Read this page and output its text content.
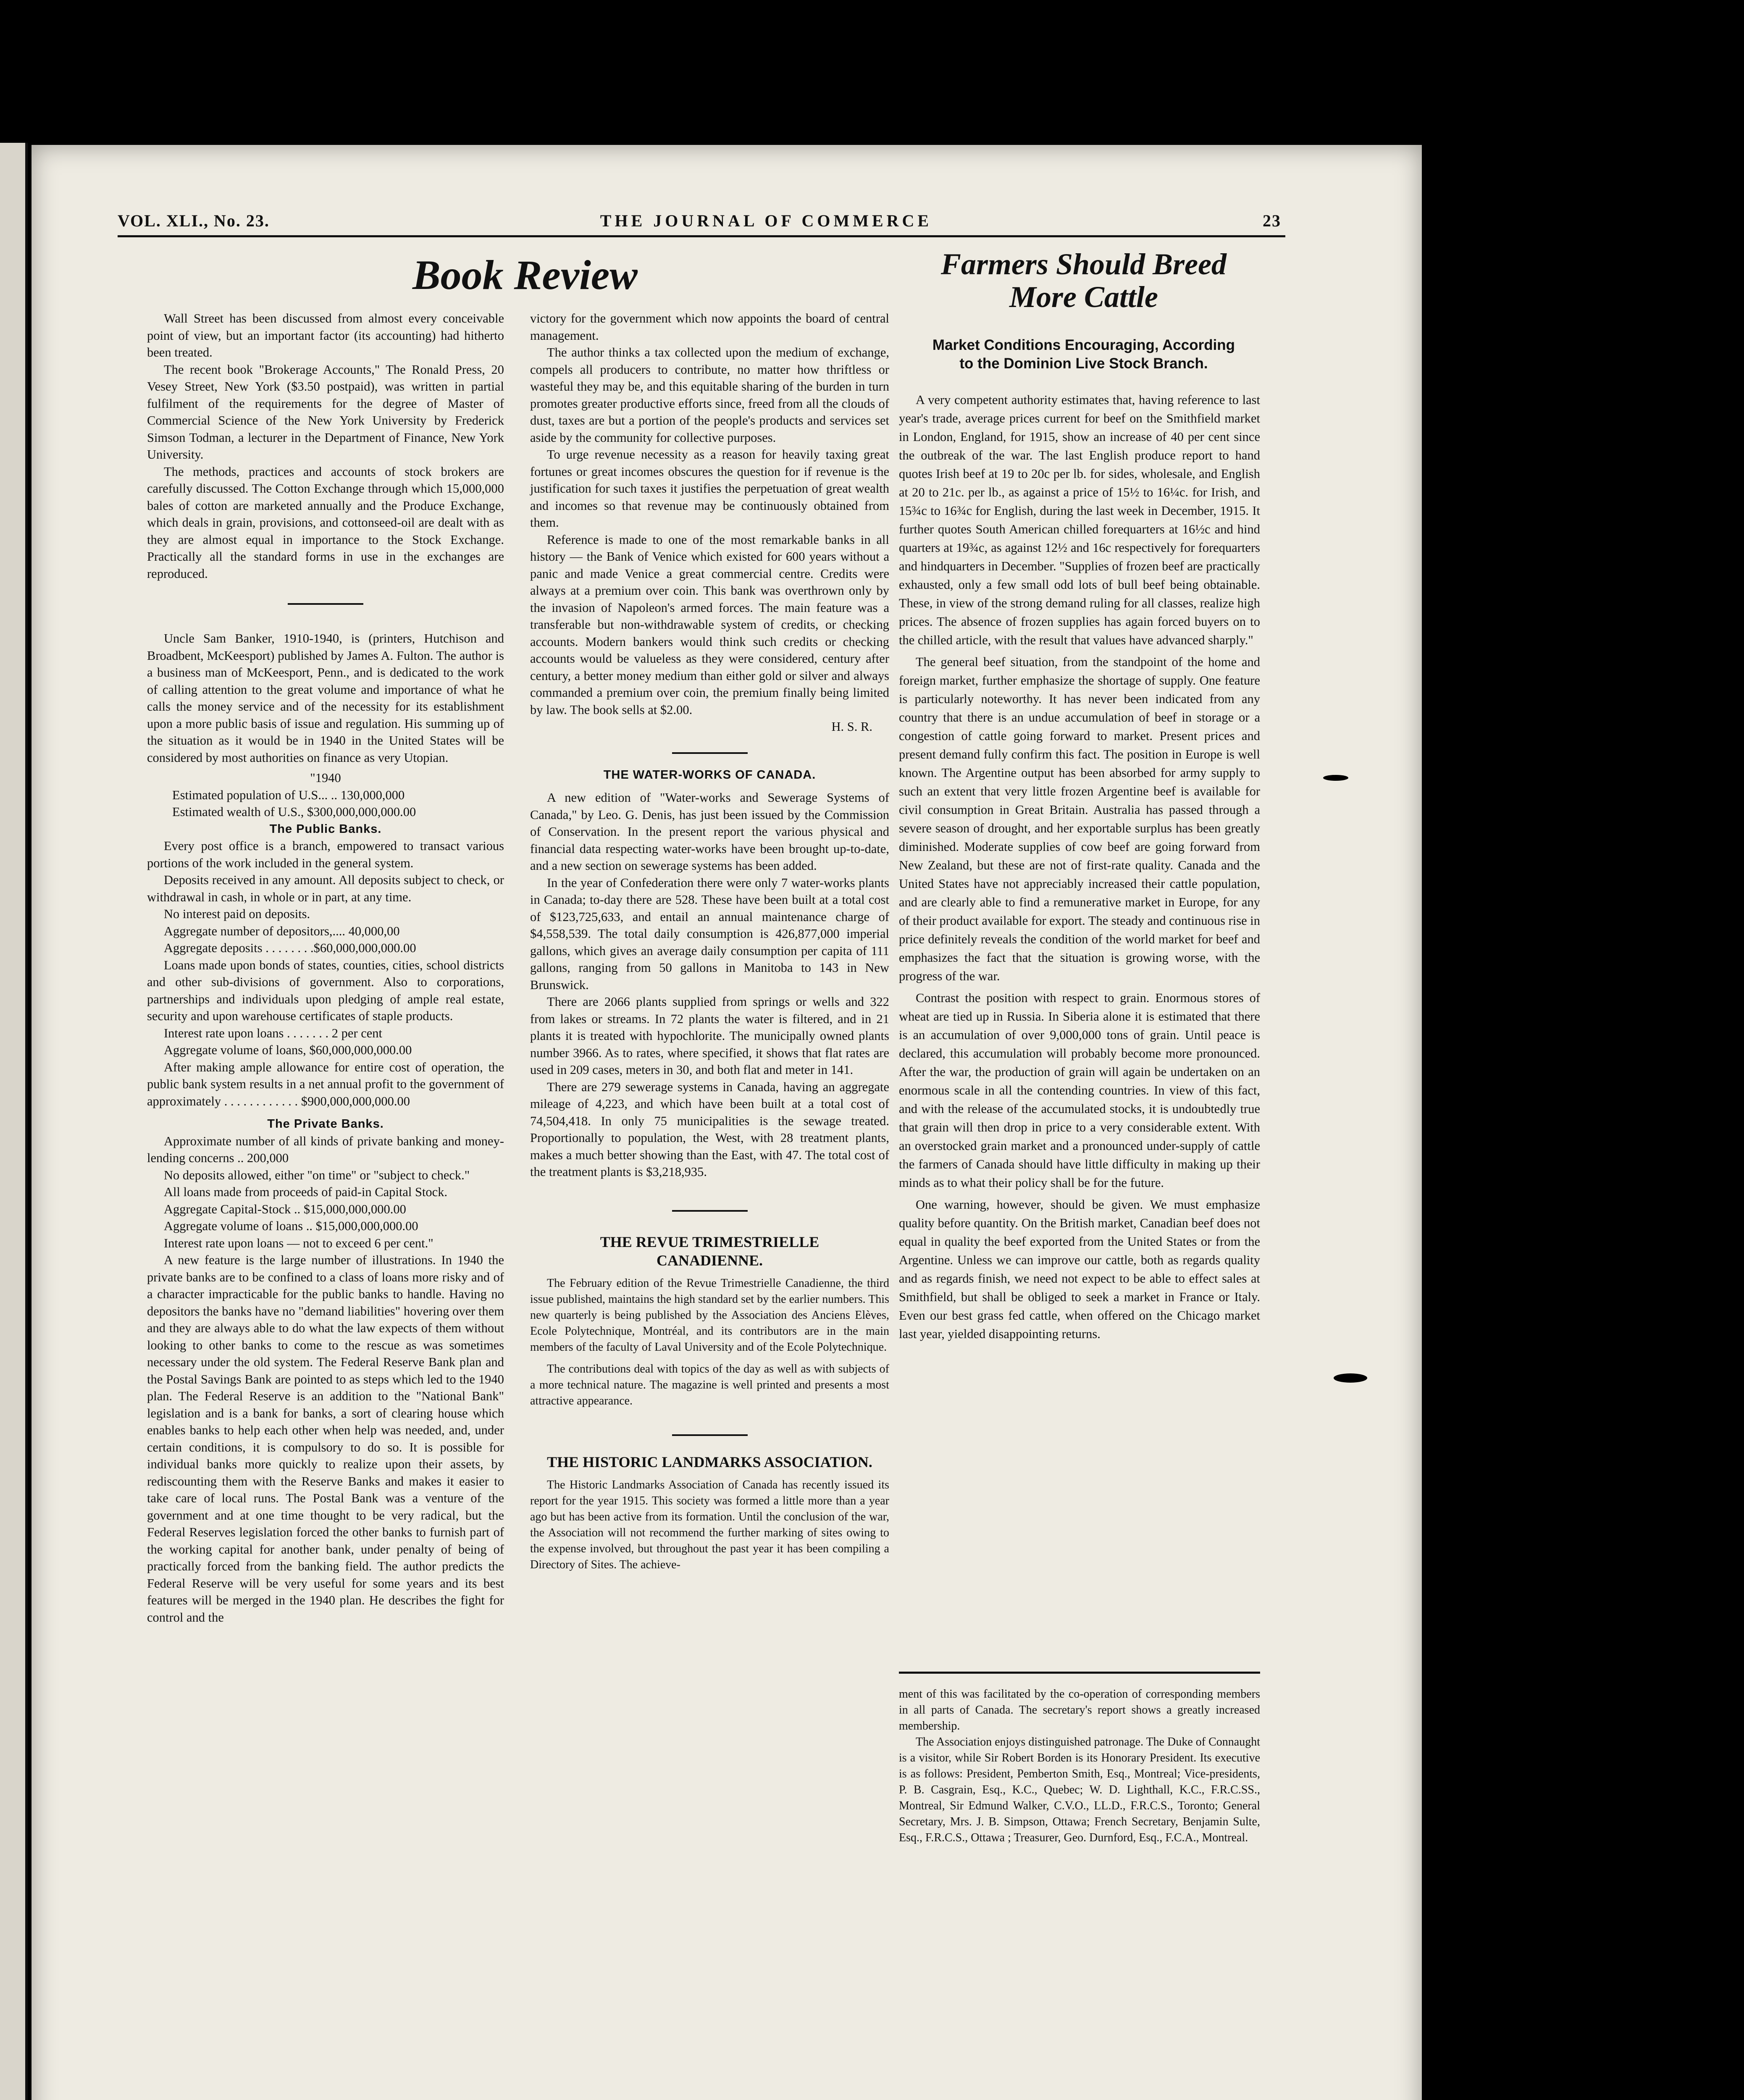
VOL. XLI., No. 23.	THE JOURNAL OF COMMERCE	23
Book Review

Wall Street has been discussed from almost every conceivable point of view, but an important factor (its accounting) had hitherto been treated.

The recent book "Brokerage Accounts," The Ronald Press, 20 Vesey Street, New York ($3.50 postpaid), was written in partial fulfilment of the requirements for the degree of Master of Commercial Science of the New York University by Frederick Simson Todman, a lecturer in the Department of Finance, New York University.

The methods, practices and accounts of stock brokers are carefully discussed. The Cotton Exchange through which 15,000,000 bales of cotton are marketed annually and the Produce Exchange, which deals in grain, provisions, and cottonseed-oil are dealt with as they are almost equal in importance to the Stock Exchange. Practically all the standard forms in use in the exchanges are reproduced.

Uncle Sam Banker, 1910-1940, is (printers, Hutchison and Broadbent, McKeesport) published by James A. Fulton. The author is a business man of McKeesport, Penn., and is dedicated to the work of calling attention to the great volume and importance of what he calls the money service and of the necessity for its establishment upon a more public basis of issue and regulation. His summing up of the situation as it would be in 1940 in the United States will be considered by most authorities on finance as very Utopian.

"1940

Estimated population of U.S... .. 130,000,000

Estimated wealth of U.S., $300,000,000,000.00

The Public Banks.

Every post office is a branch, empowered to transact various portions of the work included in the general system.

Deposits received in any amount. All deposits subject to check, or withdrawal in cash, in whole or in part, at any time.

No interest paid on deposits.

Aggregate number of depositors,.... 40,000,00

Aggregate deposits . . . . . . . .$60,000,000,000.00

Loans made upon bonds of states, counties, cities, school districts and other sub-divisions of government. Also to corporations, partnerships and individuals upon pledging of ample real estate, security and upon warehouse certificates of staple products.

Interest rate upon loans . . . . . . . 2 per cent

Aggregate volume of loans, $60,000,000,000.00

After making ample allowance for entire cost of operation, the public bank system results in a net annual profit to the government of approximately . . . . . . . . . . . . $900,000,000,000.00

The Private Banks.

Approximate number of all kinds of private banking and money-lending concerns .. 200,000

No deposits allowed, either "on time" or "subject to check."

All loans made from proceeds of paid-in Capital Stock.

Aggregate Capital-Stock .. $15,000,000,000.00

Aggregate volume of loans .. $15,000,000,000.00

Interest rate upon loans — not to exceed 6 per cent."

A new feature is the large number of illustrations. In 1940 the private banks are to be confined to a class of loans more risky and of a character impracticable for the public banks to handle. Having no depositors the banks have no "demand liabilities" hovering over them and they are always able to do what the law expects of them without looking to other banks to come to the rescue as was sometimes necessary under the old system. The Federal Reserve Bank plan and the Postal Savings Bank are pointed to as steps which led to the 1940 plan. The Federal Reserve is an addition to the "National Bank" legislation and is a bank for banks, a sort of clearing house which enables banks to help each other when help was needed, and, under certain conditions, it is compulsory to do so. It is possible for individual banks more quickly to realize upon their assets, by rediscounting them with the Reserve Banks and makes it easier to take care of local runs. The Postal Bank was a venture of the government and at one time thought to be very radical, but the Federal Reserves legislation forced the other banks to furnish part of the working capital for another bank, under penalty of being of practically forced from the banking field. The author predicts the Federal Reserve will be very useful for some years and its best features will be merged in the 1940 plan. He describes the fight for control and the

victory for the government which now appoints the board of central management.

The author thinks a tax collected upon the medium of exchange, compels all producers to contribute, no matter how thriftless or wasteful they may be, and this equitable sharing of the burden in turn promotes greater productive efforts since, freed from all the clouds of dust, taxes are but a portion of the people's products and services set aside by the community for collective purposes.

To urge revenue necessity as a reason for heavily taxing great fortunes or great incomes obscures the question for if revenue is the justification for such taxes it justifies the perpetuation of great wealth and incomes so that revenue may be continuously obtained from them.

Reference is made to one of the most remarkable banks in all history — the Bank of Venice which existed for 600 years without a panic and made Venice a great commercial centre. Credits were always at a premium over coin. This bank was overthrown only by the invasion of Napoleon's armed forces. The main feature was a transferable but non-withdrawable system of credits, or checking accounts. Modern bankers would think such credits or checking accounts would be valueless as they were considered, century after century, a better money medium than either gold or silver and always commanded a premium over coin, the premium finally being limited by law. The book sells at $2.00.

H. S. R.

THE WATER-WORKS OF CANADA.

A new edition of "Water-works and Sewerage Systems of Canada," by Leo. G. Denis, has just been issued by the Commission of Conservation. In the present report the various physical and financial data respecting water-works have been brought up-to-date, and a new section on sewerage systems has been added.

In the year of Confederation there were only 7 water-works plants in Canada; to-day there are 528. These have been built at a total cost of $123,725,633, and entail an annual maintenance charge of $4,558,539. The total daily consumption is 426,877,000 imperial gallons, which gives an average daily consumption per capita of 111 gallons, ranging from 50 gallons in Manitoba to 143 in New Brunswick.

There are 2066 plants supplied from springs or wells and 322 from lakes or streams. In 72 plants the water is filtered, and in 21 plants it is treated with hypochlorite. The municipally owned plants number 3966. As to rates, where specified, it shows that flat rates are used in 209 cases, meters in 30, and both flat and meter in 141.

There are 279 sewerage systems in Canada, having an aggregate mileage of 4,223, and which have been built at a total cost of 74,504,418. In only 75 municipalities is the sewage treated. Proportionally to population, the West, with 28 treatment plants, makes a much better showing than the East, with 47. The total cost of the treatment plants is $3,218,935.

THE REVUE TRIMESTRIELLE CANADIENNE.

The February edition of the Revue Trimestrielle Canadienne, the third issue published, maintains the high standard set by the earlier numbers. This new quarterly is being published by the Association des Anciens Elèves, Ecole Polytechnique, Montréal, and its contributors are in the main members of the faculty of Laval University and of the Ecole Polytechnique.

The contributions deal with topics of the day as well as with subjects of a more technical nature. The magazine is well printed and presents a most attractive appearance.

THE HISTORIC LANDMARKS ASSOCIATION.

The Historic Landmarks Association of Canada has recently issued its report for the year 1915. This society was formed a little more than a year ago but has been active from its formation. Until the conclusion of the war, the Association will not recommend the further marking of sites owing to the expense involved, but throughout the past year it has been compiling a Directory of Sites. The achieve-

Farmers Should Breed
More Cattle
Market Conditions Encouraging, According
to the Dominion Live Stock Branch.

A very competent authority estimates that, having reference to last year's trade, average prices current for beef on the Smithfield market in London, England, for 1915, show an increase of 40 per cent since the outbreak of the war. The last English produce report to hand quotes Irish beef at 19 to 20c per lb. for sides, wholesale, and English at 20 to 21c. per lb., as against a price of 15½ to 16¼c. for Irish, and 15¾c to 16¾c for English, during the last week in December, 1915. It further quotes South American chilled forequarters at 16½c and hind quarters at 19¾c, as against 12½ and 16c respectively for forequarters and hindquarters in December. "Supplies of frozen beef are practically exhausted, only a few small odd lots of bull beef being obtainable. These, in view of the strong demand ruling for all classes, realize high prices. The absence of frozen supplies has again forced buyers on to the chilled article, with the result that values have advanced sharply."

The general beef situation, from the standpoint of the home and foreign market, further emphasize the shortage of supply. One feature is particularly noteworthy. It has never been indicated from any country that there is an undue accumulation of beef in storage or a congestion of cattle going forward to market. Present prices and present demand fully confirm this fact. The position in Europe is well known. The Argentine output has been absorbed for army supply to such an extent that very little frozen Argentine beef is available for civil consumption in Great Britain. Australia has passed through a severe season of drought, and her exportable surplus has been greatly diminished. Moderate supplies of cow beef are going forward from New Zealand, but these are not of first-rate quality. Canada and the United States have not appreciably increased their cattle population, and are clearly able to find a remunerative market in Europe, for any of their product available for export. The steady and continuous rise in price definitely reveals the condition of the world market for beef and emphasizes the fact that the situation is growing worse, with the progress of the war.

Contrast the position with respect to grain. Enormous stores of wheat are tied up in Russia. In Siberia alone it is estimated that there is an accumulation of over 9,000,000 tons of grain. Until peace is declared, this accumulation will probably become more pronounced. After the war, the production of grain will again be undertaken on an enormous scale in all the contending countries. In view of this fact, and with the release of the accumulated stocks, it is undoubtedly true that grain will then drop in price to a very considerable extent. With an overstocked grain market and a pronounced under-supply of cattle the farmers of Canada should have little difficulty in making up their minds as to what their policy shall be for the future.

One warning, however, should be given. We must emphasize quality before quantity. On the British market, Canadian beef does not equal in quality the beef exported from the United States or from the Argentine. Unless we can improve our cattle, both as regards quality and as regards finish, we need not expect to be able to effect sales at Smithfield, but shall be obliged to seek a market in France or Italy. Even our best grass fed cattle, when offered on the Chicago market last year, yielded disappointing returns.

ment of this was facilitated by the co-operation of corresponding members in all parts of Canada. The secretary's report shows a greatly increased membership.

The Association enjoys distinguished patronage. The Duke of Connaught is a visitor, while Sir Robert Borden is its Honorary President. Its executive is as follows: President, Pemberton Smith, Esq., Montreal; Vice-presidents, P. B. Casgrain, Esq., K.C., Quebec; W. D. Lighthall, K.C., F.R.C.SS., Montreal, Sir Edmund Walker, C.V.O., LL.D., F.R.C.S., Toronto; General Secretary, Mrs. J. B. Simpson, Ottawa; French Secretary, Benjamin Sulte, Esq., F.R.C.S., Ottawa ; Treasurer, Geo. Durnford, Esq., F.C.A., Montreal.
